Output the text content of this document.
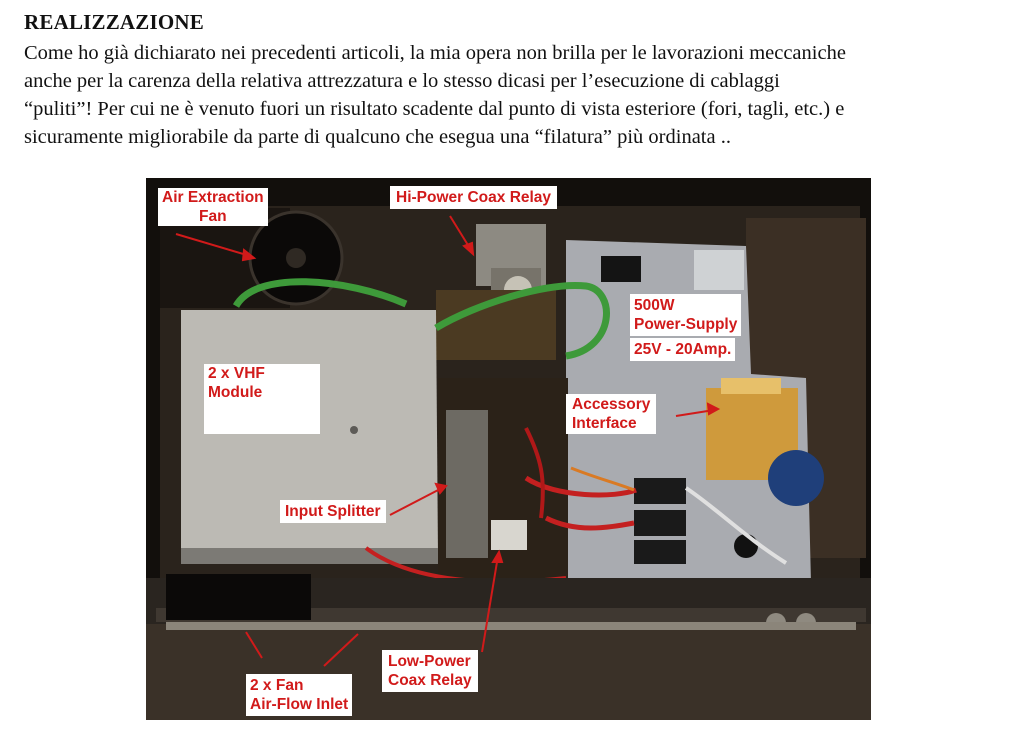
REALIZZAZIONE
Come ho già dichiarato nei precedenti articoli, la mia opera non brilla per le lavorazioni meccaniche
anche per la carenza della relativa attrezzatura e lo stesso dicasi per l’esecuzione di cablaggi
“puliti”! Per cui ne è venuto fuori un risultato scadente dal punto di vista esteriore (fori, tagli, etc.) e
sicuramente migliorabile da parte di qualcuno che esegua una “filatura” più ordinata ..
Air Extraction
Fan
Hi-Power Coax Relay
500W
Power-Supply
25V - 20Amp.
2 x VHF
Module
Accessory
Interface
Input Splitter
Low-Power
Coax Relay
2 x Fan
Air-Flow Inlet
